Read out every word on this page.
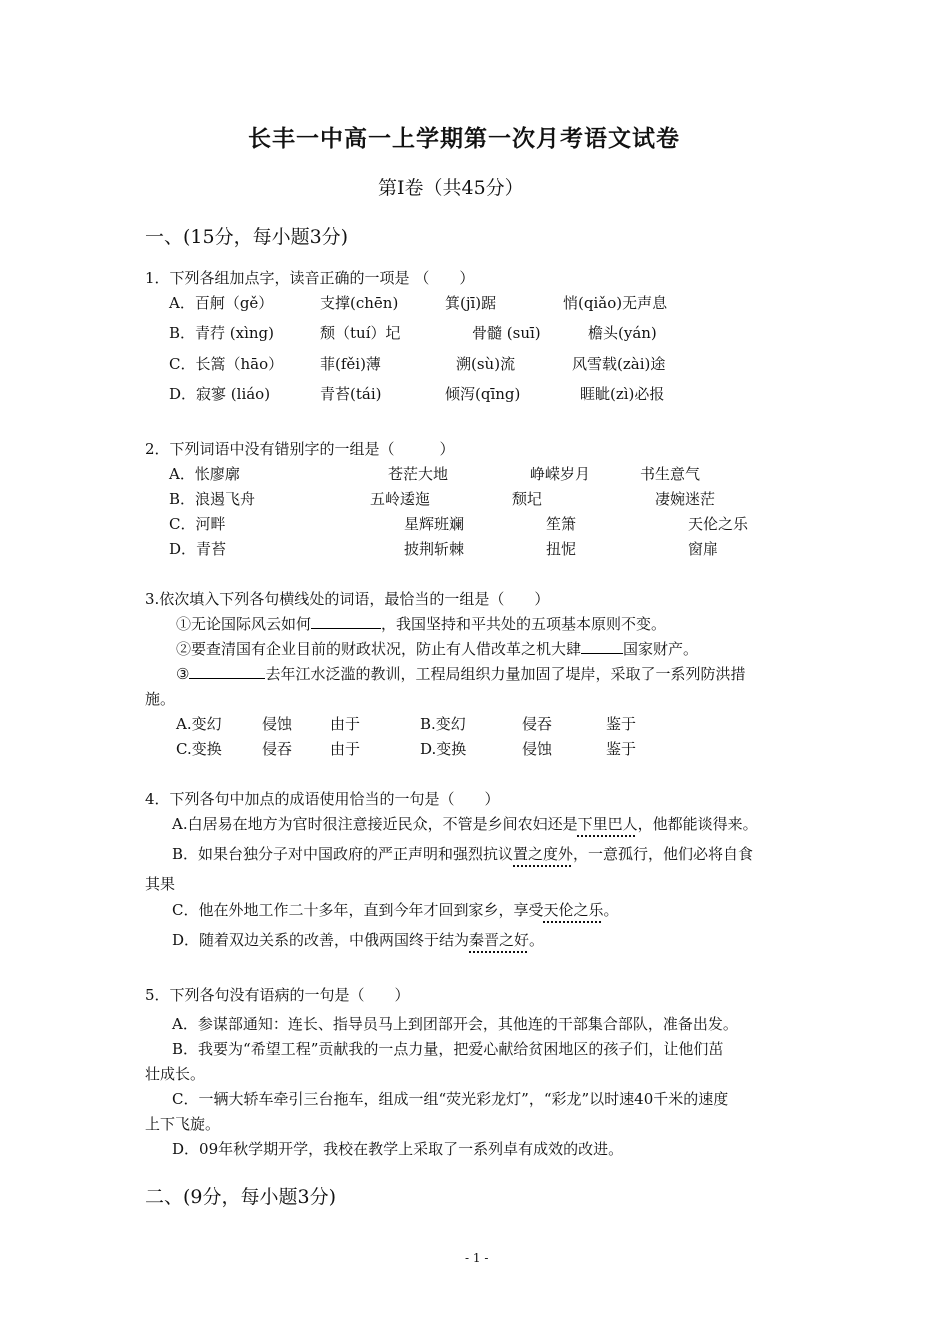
长丰一中高一上学期第一次月考语文试卷
第Ⅰ卷（共45分）
一、(15分，每小题3分)
1．下列各组加点字，读音正确的一项是 （　　）
A．百舸（gě）	支撑(chēn)	箕(jī)踞	悄(qiǎo)无声息
B．青荇 (xìng)	颓（tuí）圮	骨髓 (suī)	檐头(yán)
C．长篙（hāo） 菲(fěi)薄	溯(sù)流	风雪载(zài)途
D．寂寥 (liáo)	青苔(tái)	倾泻(qīng)	睚眦(zì)必报
2．下列词语中没有错别字的一组是（　　　）
A．怅廖廓	苍茫大地	峥嵘岁月	书生意气
B．浪遏飞舟	五岭逶迤	颓圮	凄婉迷茫
C．河畔	星辉班斓	笙箫	天伦之乐
D．青苔	披荆斩棘	扭怩	窗扉
3.依次填入下列各句横线处的词语，最恰当的一组是（　　）
①无论国际风云如何	，我国坚持和平共处的五项基本原则不变。
②要查清国有企业目前的财政状况，防止有人借改革之机大肆	国家财产。
③	去年江水泛滥的教训，工程局组织力量加固了堤岸，采取了一系列防洪措
施。
A.变幻	侵蚀	由于	B.变幻	侵吞	鉴于
C.变换	侵吞	由于	D.变换	侵蚀	鉴于
4．下列各句中加点的成语使用恰当的一句是（　　）
A.白居易在地方为官时很注意接近民众，不管是乡间农妇还是下里巴人，他都能谈得来。
B．如果台独分子对中国政府的严正声明和强烈抗议置之度外，一意孤行，他们必将自食
其果
C．他在外地工作二十多年，直到今年才回到家乡，享受天伦之乐。
D．随着双边关系的改善，中俄两国终于结为秦晋之好。
5．下列各句没有语病的一句是（　　）
A．参谋部通知：连长、指导员马上到团部开会，其他连的干部集合部队，准备出发。
B．我要为“希望工程”贡献我的一点力量，把爱心献给贫困地区的孩子们，让他们茁
壮成长。
C．一辆大轿车牵引三台拖车，组成一组“荧光彩龙灯”，“彩龙”以时速40千米的速度
上下飞旋。
D．09年秋学期开学，我校在教学上采取了一系列卓有成效的改进。
二、(9分，每小题3分)
- 1 -
